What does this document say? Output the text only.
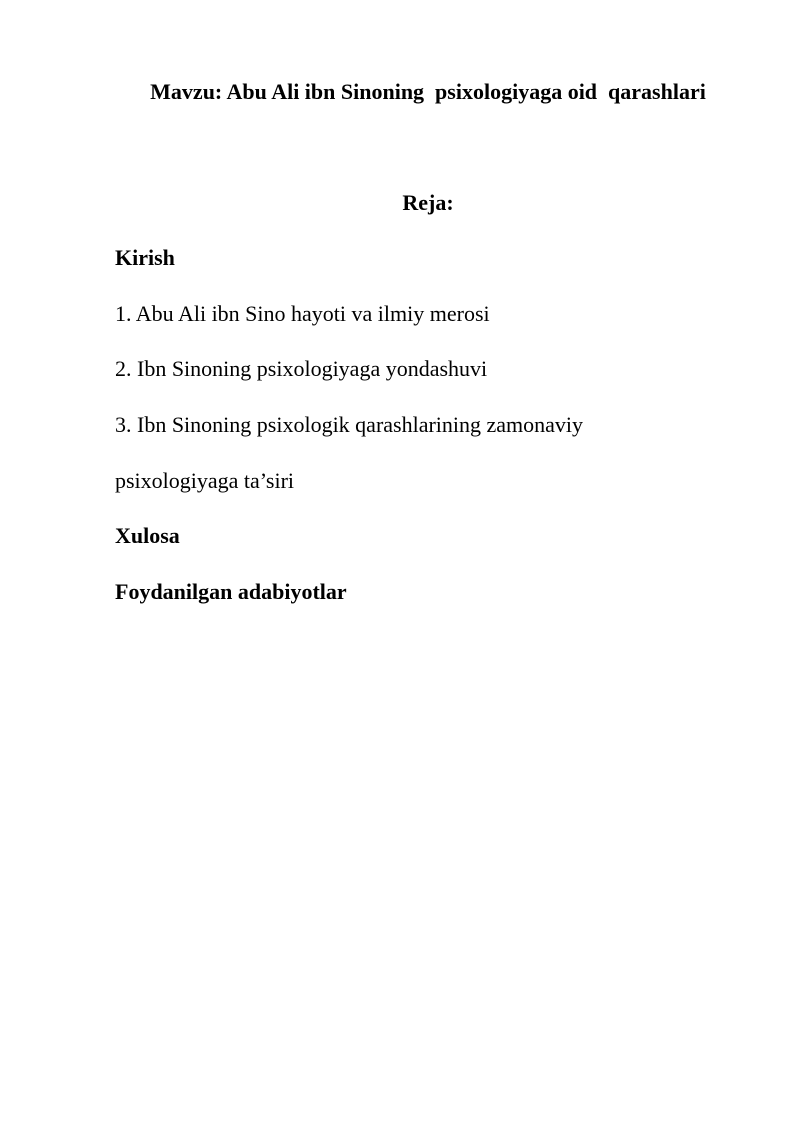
Mavzu: Abu Ali ibn Sinoning  psixologiyaga oid  qarashlari

Reja:

Kirish

1. Abu Ali ibn Sino hayoti va ilmiy merosi

2. Ibn Sinoning psixologiyaga yondashuvi

3. Ibn Sinoning psixologik qarashlarining zamonaviy

psixologiyaga ta’siri

Xulosa

Foydanilgan adabiyotlar
